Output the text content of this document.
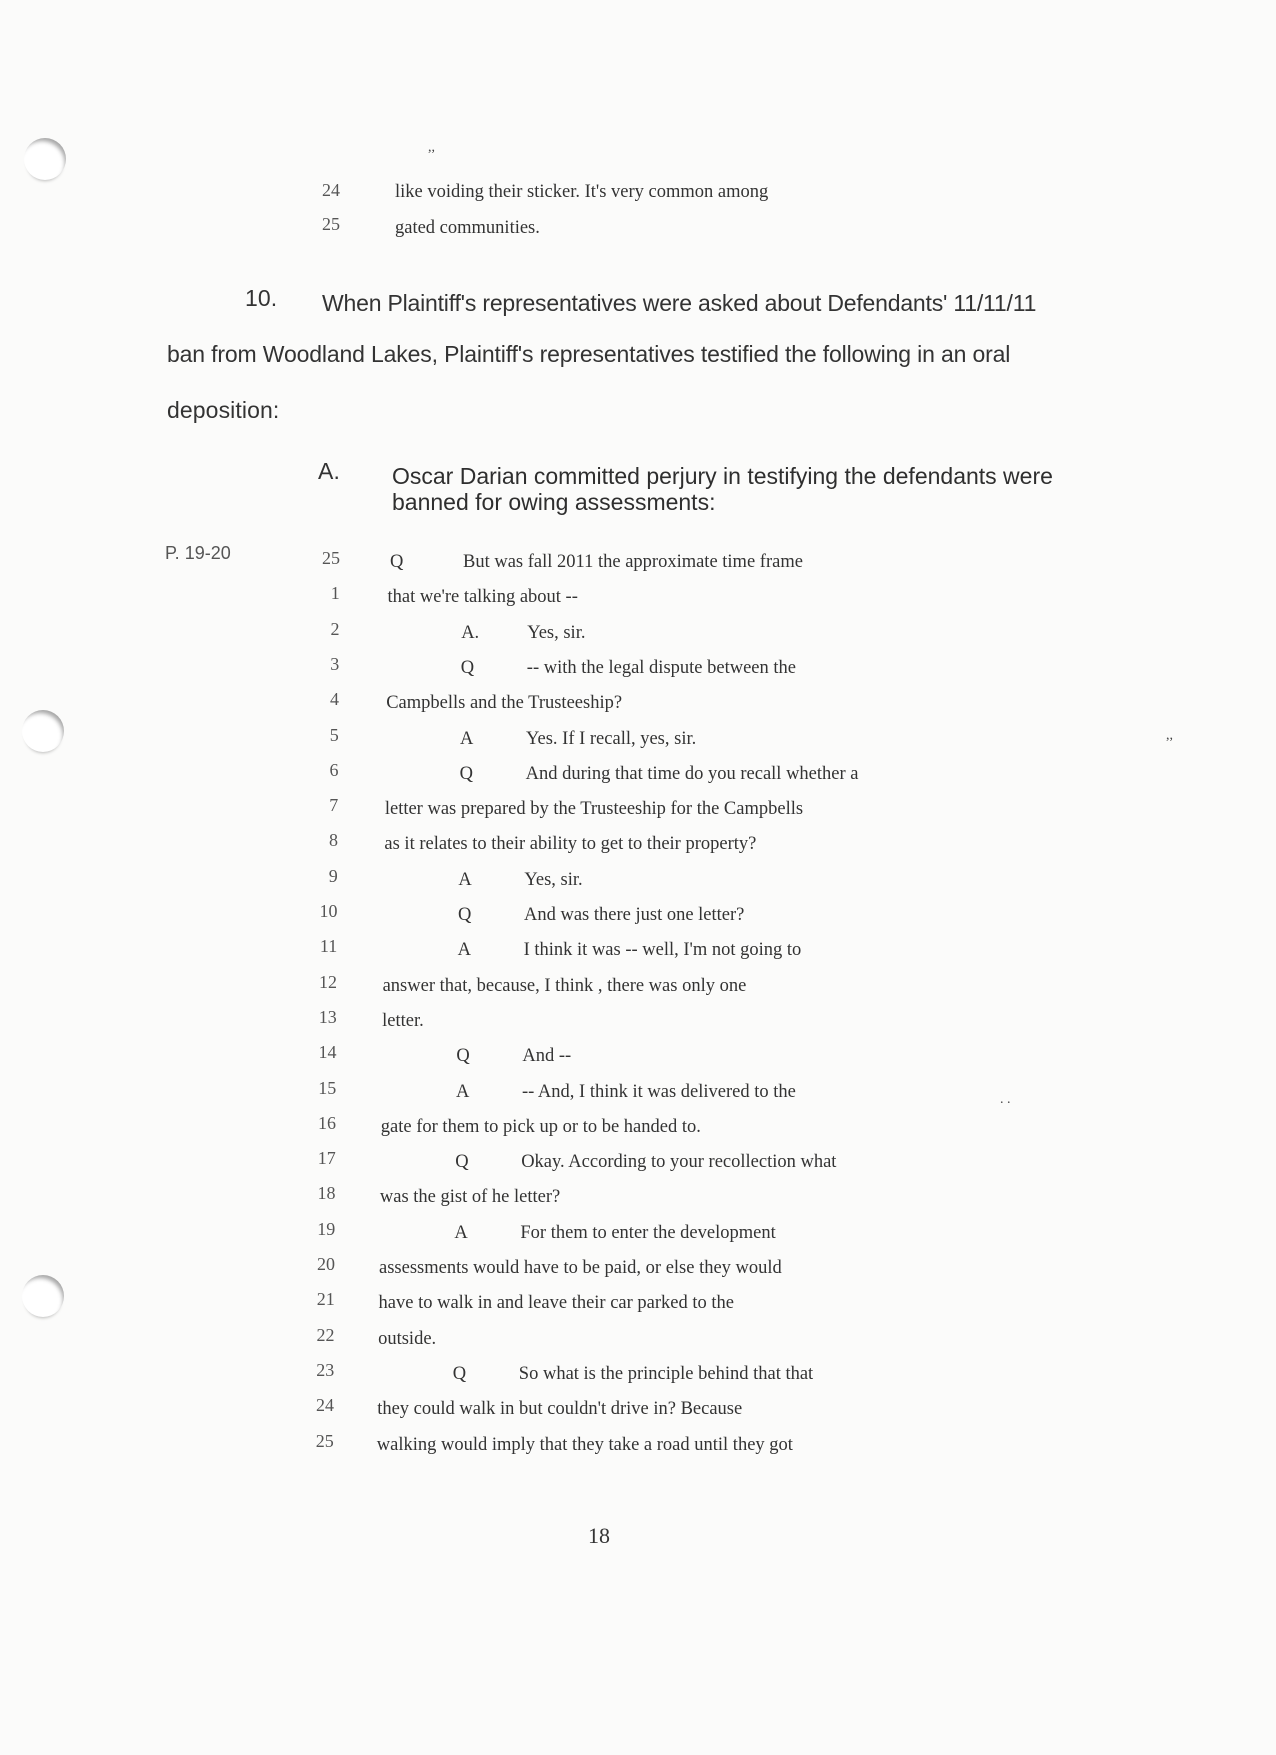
,,
,,
. .
24	like voiding their sticker. It's very common among
25	gated communities.
10. When Plaintiff's representatives were asked about Defendants' 11/11/11
ban from Woodland Lakes, Plaintiff's representatives testified the following in an oral
deposition:
A. Oscar Darian committed perjury in testifying the defendants were
banned for owing assessments:
P. 19-20	25	Q	But was fall 2011 the approximate time frame
1	that we're talking about --
2	A.	Yes, sir.
3	Q	-- with the legal dispute between the
4	Campbells and the Trusteeship?
5	A	Yes. If I recall, yes, sir.
6	Q	And during that time do you recall whether a
7	letter was prepared by the Trusteeship for the Campbells
8	as it relates to their ability to get to their property?
9	A	Yes, sir.
10	Q	And was there just one letter?
11	A	I think it was -- well, I'm not going to
12 answer that, because, I think , there was only one
13 letter.
14	Q	And --
15	A	-- And, I think it was delivered to the
16 gate for them to pick up or to be handed to.
17	Q	Okay. According to your recollection what
18 was the gist of he letter?
19	A	For them to enter the development
20 assessments would have to be paid, or else they would
21 have to walk in and leave their car parked to the
22 outside.
23	Q	So what is the principle behind that that
24 they could walk in but couldn't drive in? Because
25 walking would imply that they take a road until they got
18
